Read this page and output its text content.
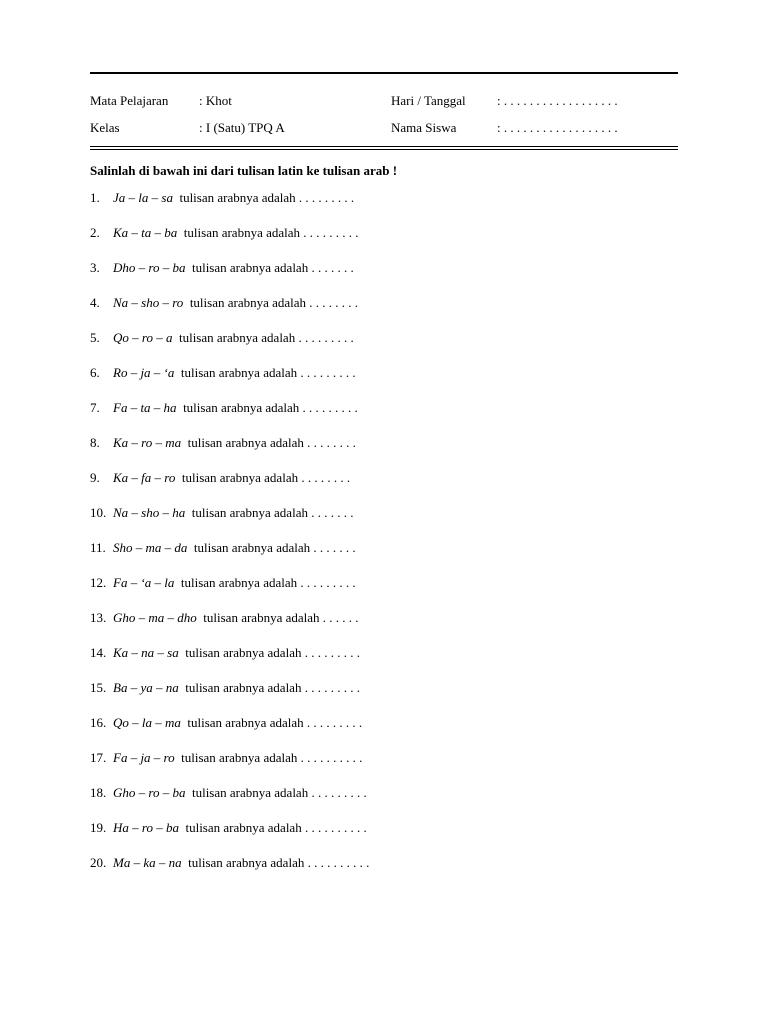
Mata Pelajaran : Khot	Hari / Tanggal : . . . . . . . . . . . . . . . . . .
Kelas	: I (Satu) TPQ A	Nama Siswa	: . . . . . . . . . . . . . . . . . .
Salinlah di bawah ini dari tulisan latin ke tulisan arab !
1. Ja – la – sa tulisan arabnya adalah . . . . . . . . .
2. Ka – ta – ba tulisan arabnya adalah . . . . . . . . .
3. Dho – ro – ba tulisan arabnya adalah . . . . . . .
4. Na – sho – ro tulisan arabnya adalah . . . . . . . .
5. Qo – ro – a tulisan arabnya adalah . . . . . . . . .
6. Ro – ja – ‘a tulisan arabnya adalah . . . . . . . . .
7. Fa – ta – ha tulisan arabnya adalah . . . . . . . . .
8. Ka – ro – ma tulisan arabnya adalah . . . . . . . .
9. Ka – fa – ro tulisan arabnya adalah . . . . . . . .
10. Na – sho – ha tulisan arabnya adalah . . . . . . .
11. Sho – ma – da tulisan arabnya adalah . . . . . . .
12. Fa – ‘a – la tulisan arabnya adalah . . . . . . . . .
13. Gho – ma – dho tulisan arabnya adalah . . . . . .
14. Ka – na – sa tulisan arabnya adalah . . . . . . . . .
15. Ba – ya – na tulisan arabnya adalah . . . . . . . . .
16. Qo – la – ma tulisan arabnya adalah . . . . . . . . .
17. Fa – ja – ro tulisan arabnya adalah . . . . . . . . . .
18. Gho – ro – ba tulisan arabnya adalah . . . . . . . . .
19. Ha – ro – ba tulisan arabnya adalah . . . . . . . . . .
20. Ma – ka – na tulisan arabnya adalah . . . . . . . . . .
